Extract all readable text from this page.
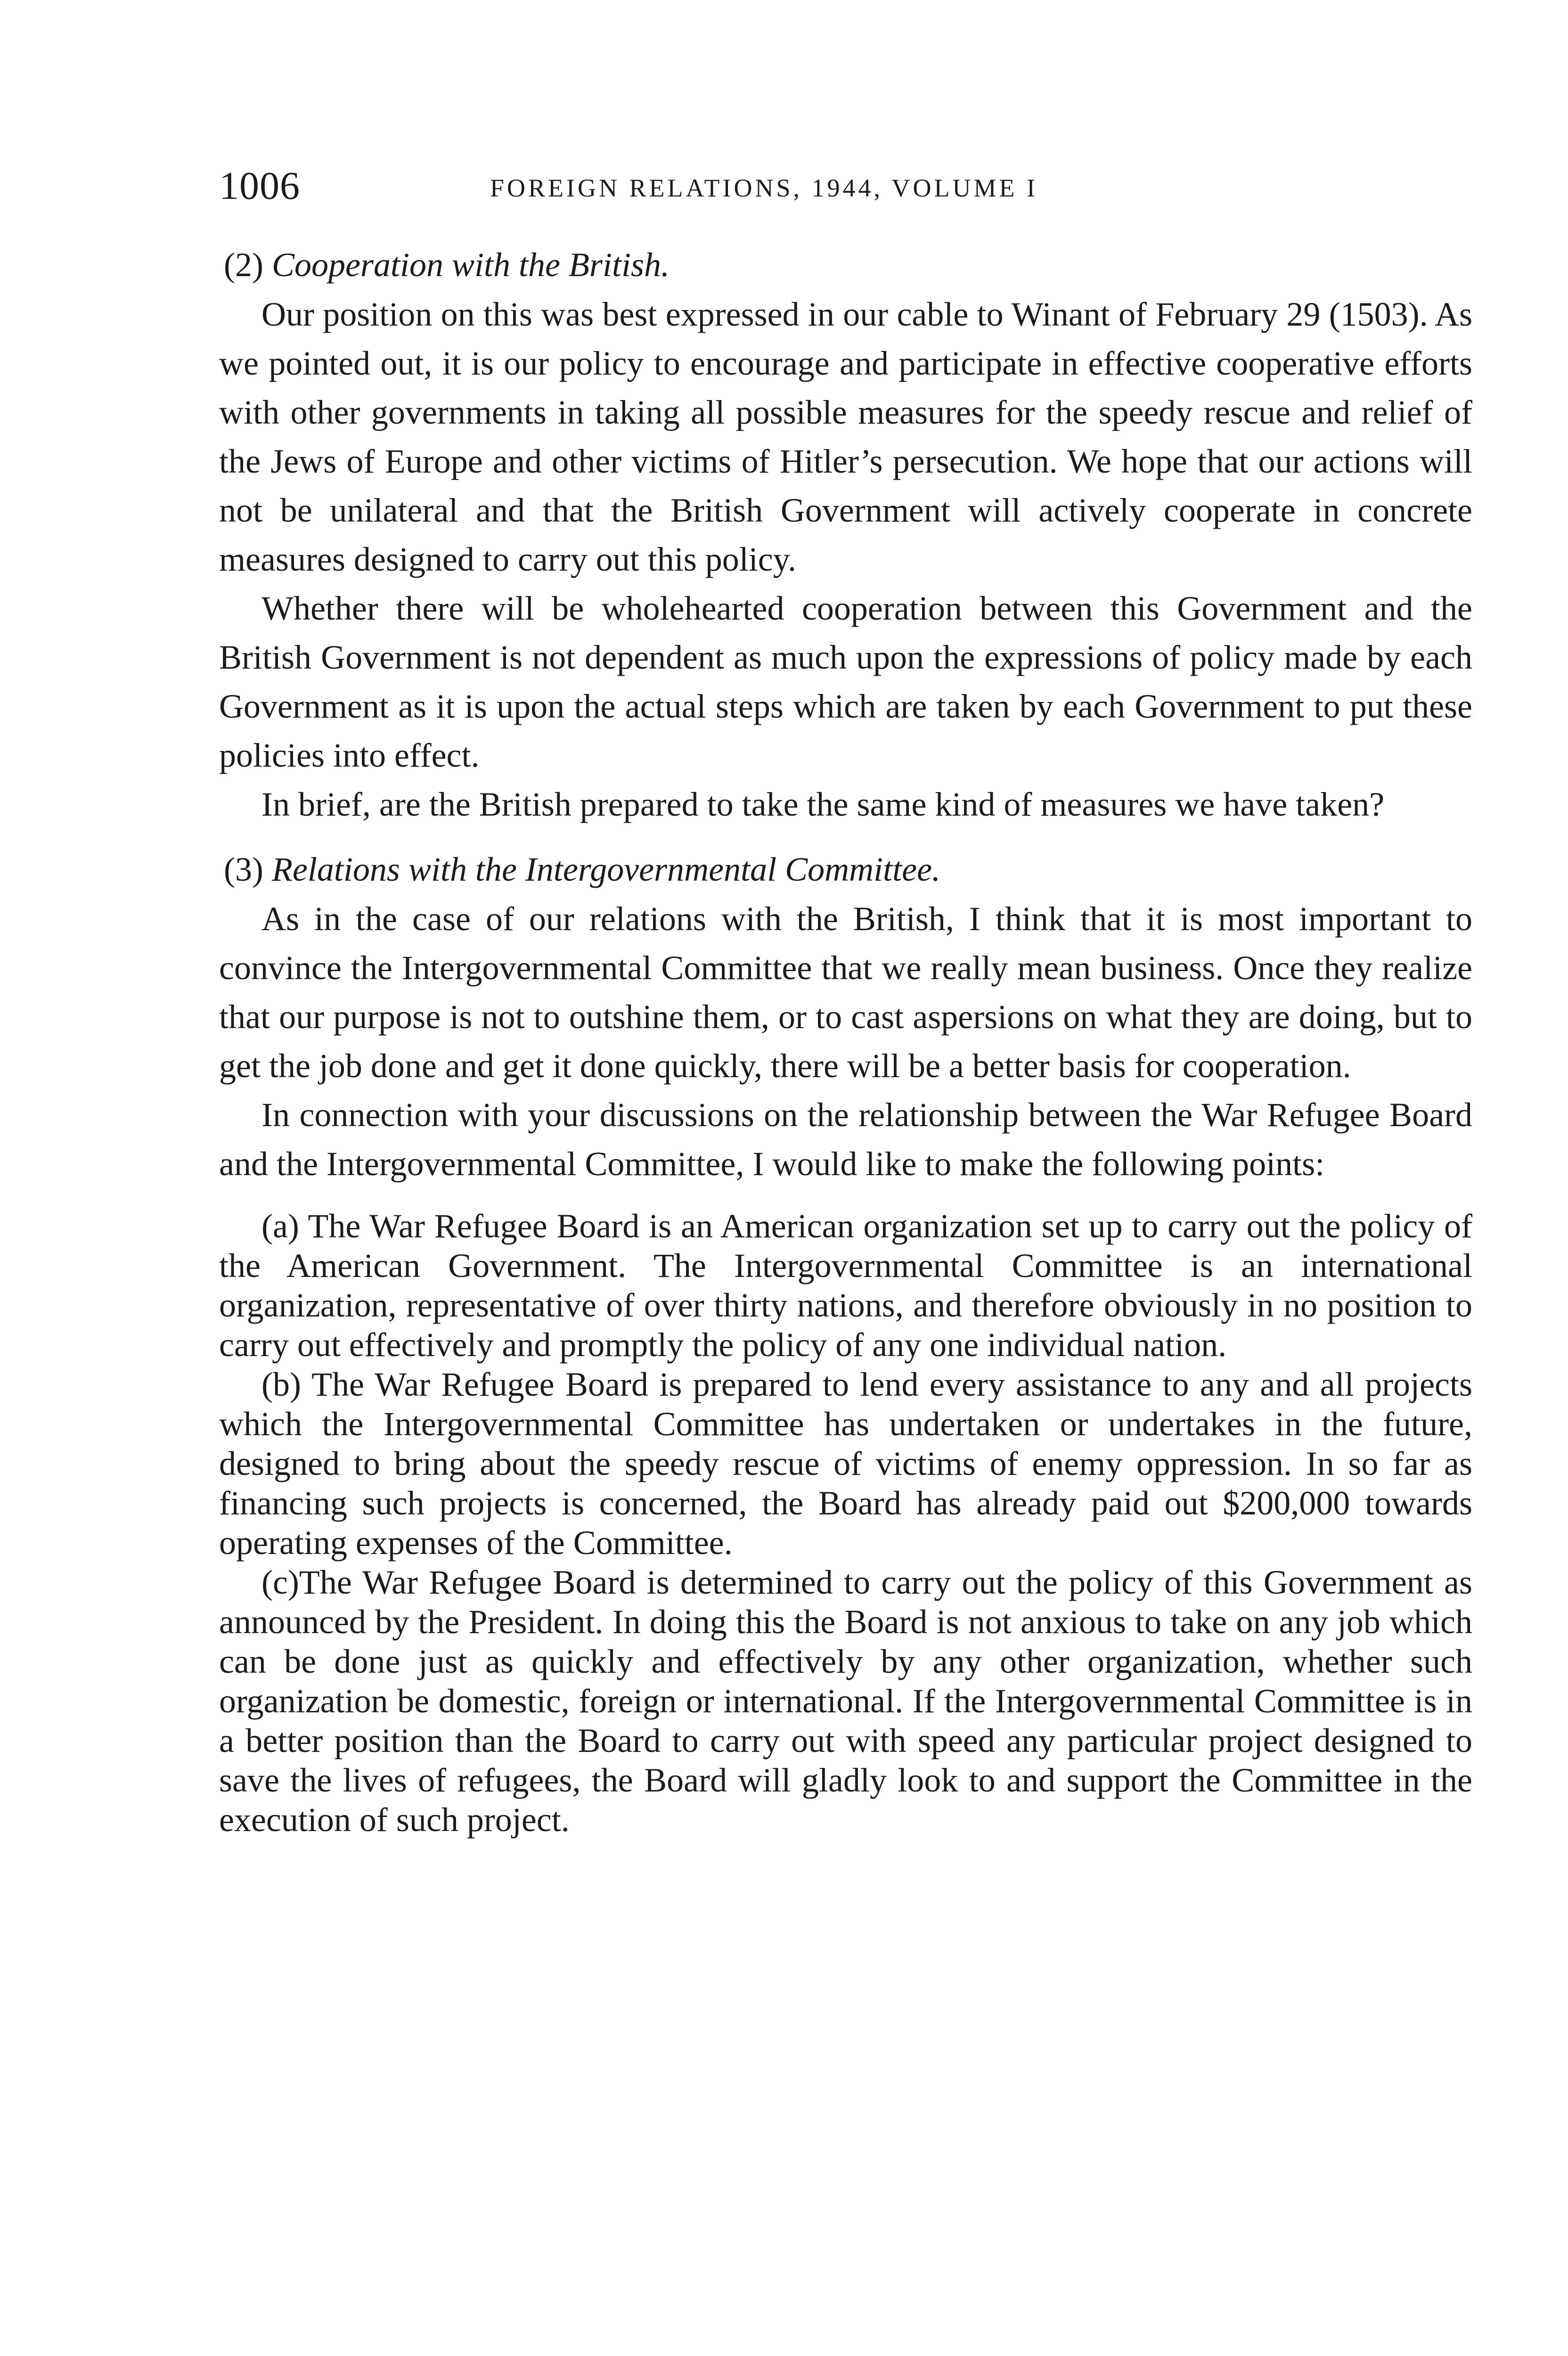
1006	FOREIGN RELATIONS, 1944, VOLUME I

(2) Cooperation with the British.

Our position on this was best expressed in our cable to Winant of February 29 (1503). As we pointed out, it is our policy to encourage and participate in effective cooperative efforts with other governments in taking all possible measures for the speedy rescue and relief of the Jews of Europe and other victims of Hitler’s persecution. We hope that our actions will not be unilateral and that the British Government will actively cooperate in concrete measures designed to carry out this policy.

Whether there will be wholehearted cooperation between this Government and the British Government is not dependent as much upon the expressions of policy made by each Government as it is upon the actual steps which are taken by each Government to put these policies into effect.

In brief, are the British prepared to take the same kind of measures we have taken?

(3) Relations with the Intergovernmental Committee.

As in the case of our relations with the British, I think that it is most important to convince the Intergovernmental Committee that we really mean business. Once they realize that our purpose is not to outshine them, or to cast aspersions on what they are doing, but to get the job done and get it done quickly, there will be a better basis for cooperation.

In connection with your discussions on the relationship between the War Refugee Board and the Intergovernmental Committee, I would like to make the following points:

(a) The War Refugee Board is an American organization set up to carry out the policy of the American Government. The Intergovernmental Committee is an international organization, representative of over thirty nations, and therefore obviously in no position to carry out effectively and promptly the policy of any one individual nation.

(b) The War Refugee Board is prepared to lend every assistance to any and all projects which the Intergovernmental Committee has undertaken or undertakes in the future, designed to bring about the speedy rescue of victims of enemy oppression. In so far as financing such projects is concerned, the Board has already paid out $200,000 towards operating expenses of the Committee.

(c)The War Refugee Board is determined to carry out the policy of this Government as announced by the President. In doing this the Board is not anxious to take on any job which can be done just as quickly and effectively by any other organization, whether such organization be domestic, foreign or international. If the Intergovernmental Committee is in a better position than the Board to carry out with speed any particular project designed to save the lives of refugees, the Board will gladly look to and support the Committee in the execution of such project.
